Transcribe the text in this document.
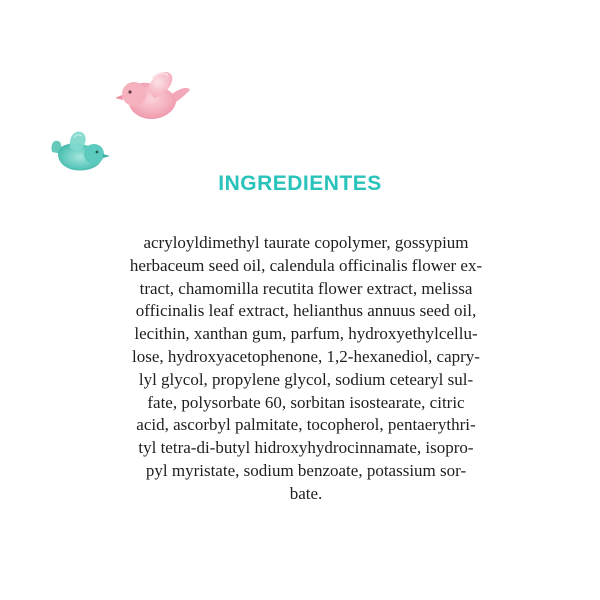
INGREDIENTES
acryloyldimethyl taurate copolymer, gossypium
herbaceum seed oil, calendula officinalis flower ex-
tract, chamomilla recutita flower extract, melissa
officinalis leaf extract, helianthus annuus seed oil,
lecithin, xanthan gum, parfum, hydroxyethylcellu-
lose, hydroxyacetophenone, 1,2-hexanediol, capry-
lyl glycol, propylene glycol, sodium cetearyl sul-
fate, polysorbate 60, sorbitan isostearate, citric
acid, ascorbyl palmitate, tocopherol, pentaerythri-
tyl tetra-di-butyl hidroxyhydrocinnamate, isopro-
pyl myristate, sodium benzoate, potassium sor-
bate.
